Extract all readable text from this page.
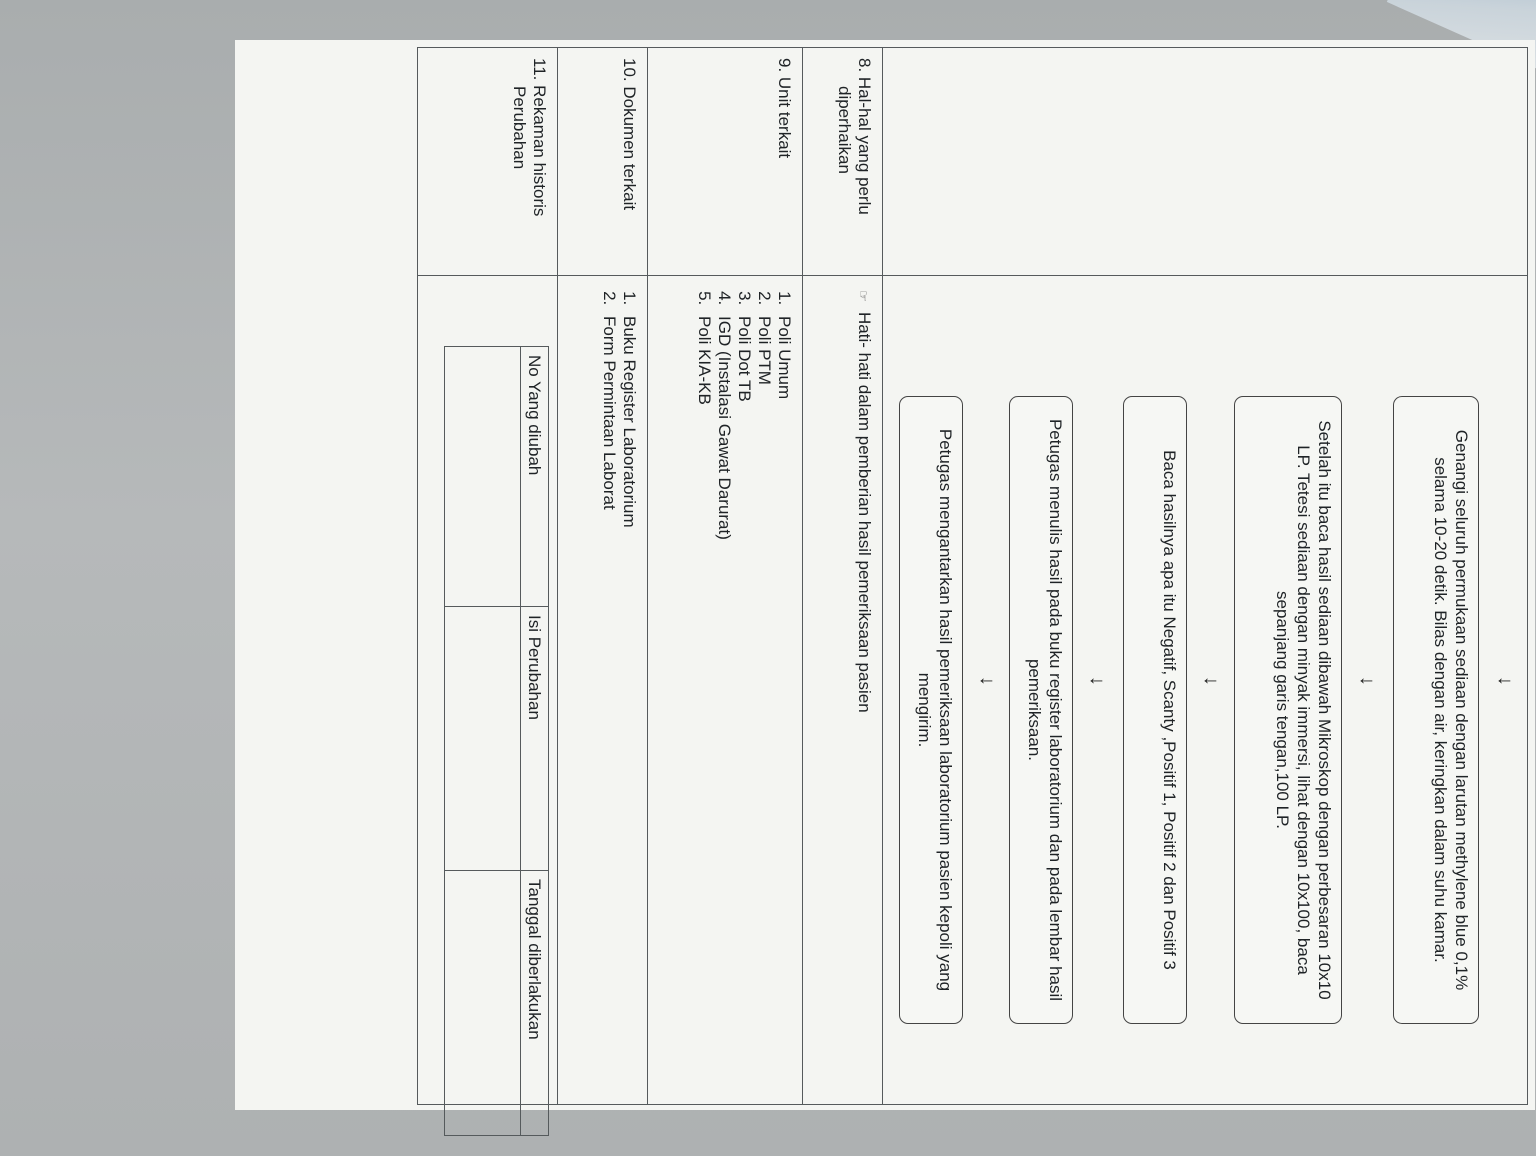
↓
Genangi seluruh permukaan sediaan dengan larutan methylene blue 0,1% selama 10-20 detik. Bilas dengan air, keringkan dalam suhu kamar.
↓
Setelah itu baca hasil sediaan dibawah Mikroskop dengan perbesaran 10x10 LP. Tetesi sediaan dengan minyak immersi, lihat dengan 10x100, baca sepanjang garis tengan,100 LP.
↓
Baca hasilnya apa itu Negatif, Scanty ,Positif 1, Positif 2 dan Positif 3
↓
Petugas menulis hasil pada buku register laboratorium dan pada lembar hasil pemeriksaan.
↓
Petugas mengantarkan hasil pemeriksaan laboratorium pasien kepoli yang mengirim.
8. Hal-hal yang perlu
diperhaikan
☞Hati- hati dalam pemberian hasil pemeriksaan pasien
9. Unit terkait
1. Poli Umum
2. Poli PTM
3. Poli Dot TB
4. IGD (Instalasi Gawat Darurat)
5. Poli KIA-KB
10. Dokumen terkait
1. Buku Register Laboratorium
2. Form Permintaan Laborat
11. Rekaman historis
Perubahan
No Yang diubah	Isi Perubahan	Tanggal diberlakukan
